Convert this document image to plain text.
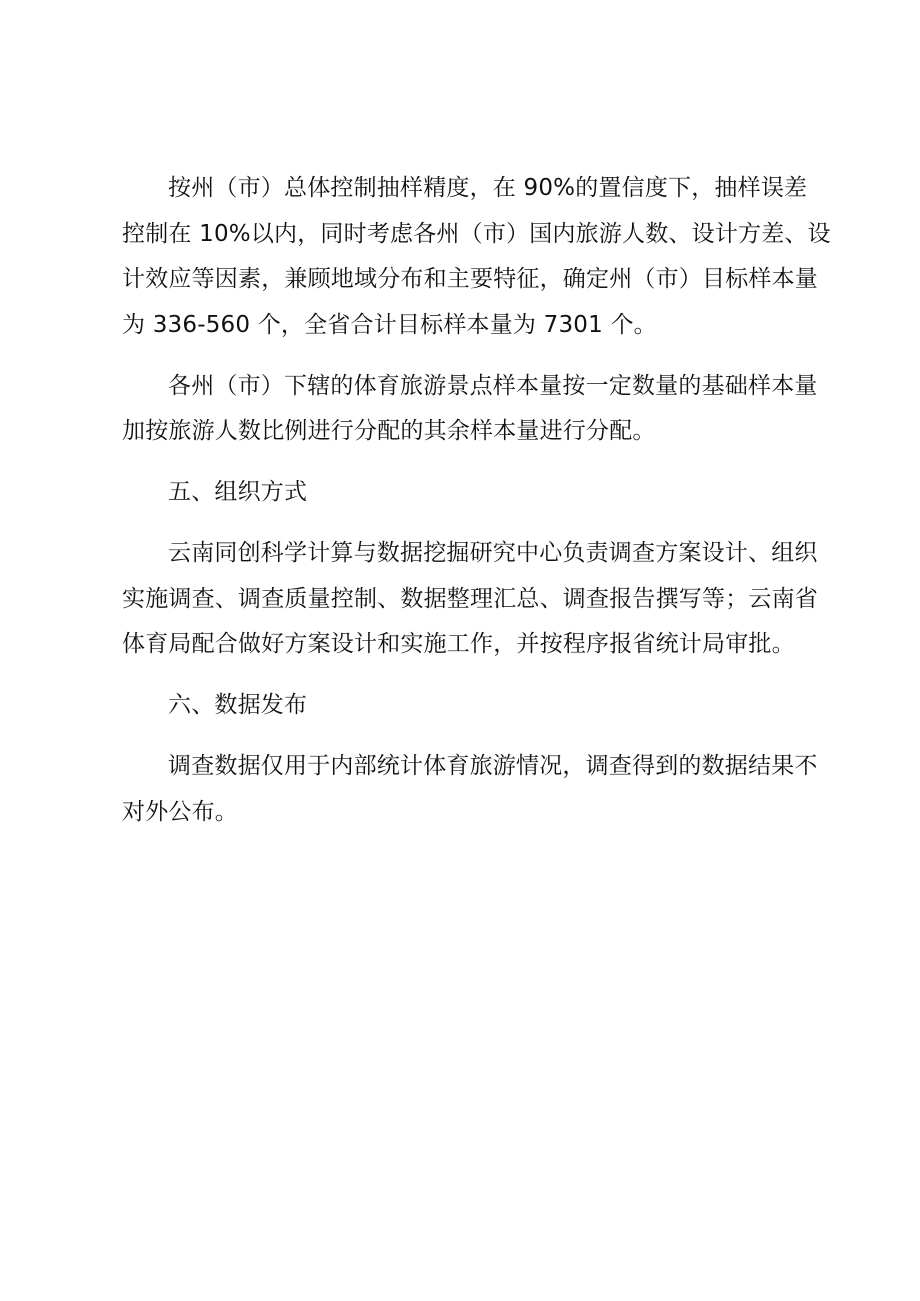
按州（市）总体控制抽样精度，在 90%的置信度下，抽样误差
控制在 10%以内，同时考虑各州（市）国内旅游人数、设计方差、设
计效应等因素，兼顾地域分布和主要特征，确定州（市）目标样本量
为 336-560 个，全省合计目标样本量为 7301 个。

各州（市）下辖的体育旅游景点样本量按一定数量的基础样本量
加按旅游人数比例进行分配的其余样本量进行分配。

五、组织方式

云南同创科学计算与数据挖掘研究中心负责调查方案设计、组织
实施调查、调查质量控制、数据整理汇总、调查报告撰写等；云南省
体育局配合做好方案设计和实施工作，并按程序报省统计局审批。

六、数据发布

调查数据仅用于内部统计体育旅游情况，调查得到的数据结果不
对外公布。
